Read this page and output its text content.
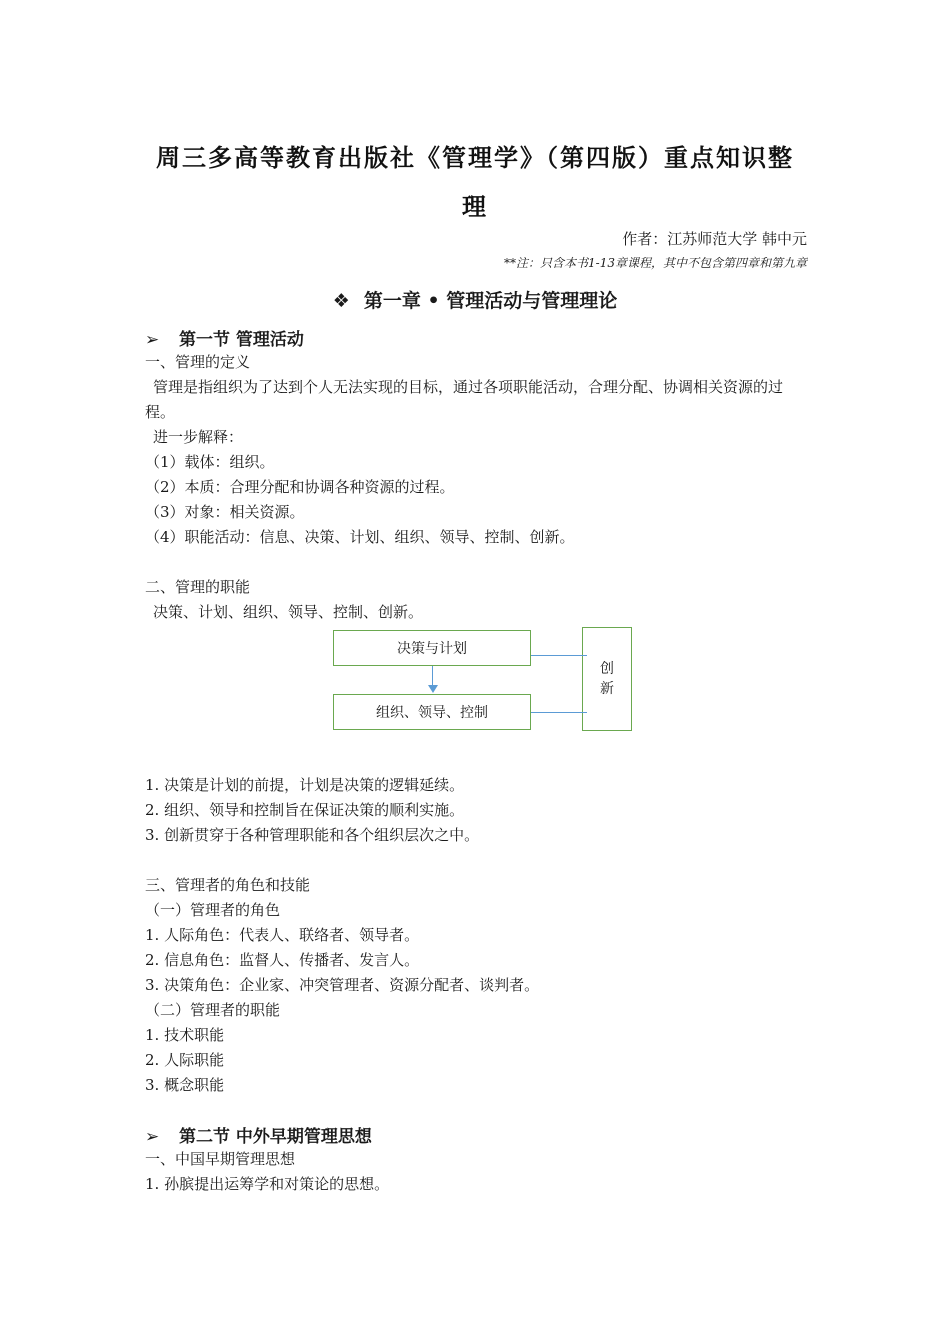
周三多高等教育出版社《管理学》（第四版）重点知识整
理
作者：江苏师范大学 韩中元
**注：只含本书1-13章课程，其中不包含第四章和第九章
❖ 第一章 • 管理活动与管理理论
➢ 第一节 管理活动
一、管理的定义
管理是指组织为了达到个人无法实现的目标，通过各项职能活动，合理分配、协调相关资源的过程。
进一步解释：
（1）载体：组织。
（2）本质：合理分配和协调各种资源的过程。
（3）对象：相关资源。
（4）职能活动：信息、决策、计划、组织、领导、控制、创新。
二、管理的职能
决策、计划、组织、领导、控制、创新。
决策与计划
组织、领导、控制
创
新
1. 决策是计划的前提，计划是决策的逻辑延续。
2. 组织、领导和控制旨在保证决策的顺利实施。
3. 创新贯穿于各种管理职能和各个组织层次之中。
三、管理者的角色和技能
（一）管理者的角色
1. 人际角色：代表人、联络者、领导者。
2. 信息角色：监督人、传播者、发言人。
3. 决策角色：企业家、冲突管理者、资源分配者、谈判者。
（二）管理者的职能
1. 技术职能
2. 人际职能
3. 概念职能
➢ 第二节 中外早期管理思想
一、中国早期管理思想
1. 孙膑提出运筹学和对策论的思想。
